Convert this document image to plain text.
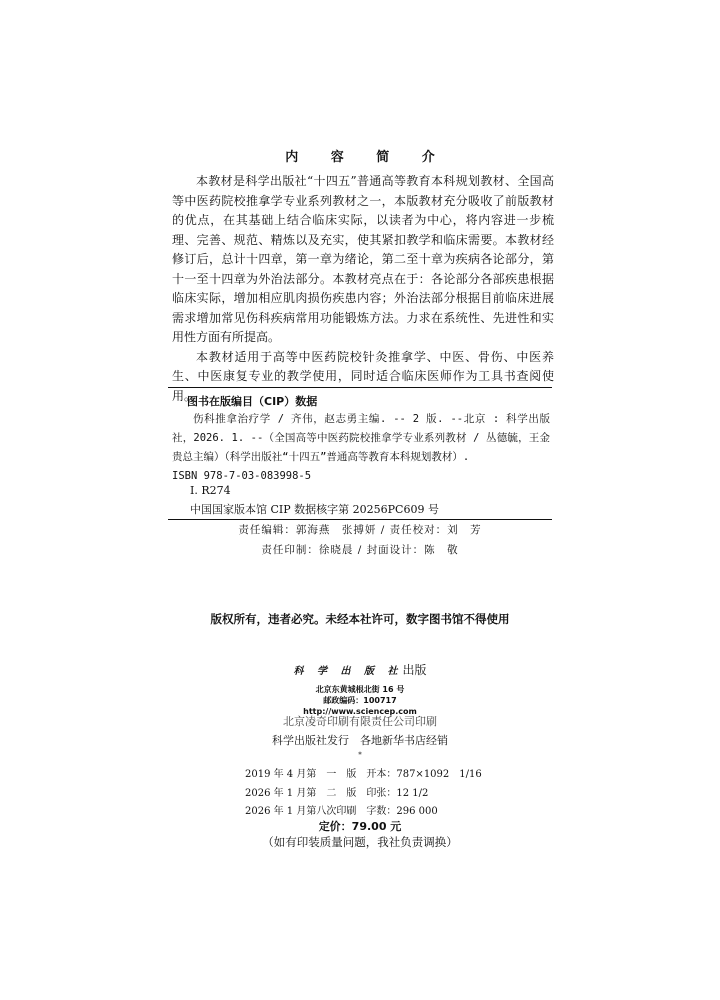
内 容 简 介

本教材是科学出版社“十四五”普通高等教育本科规划教材、全国高等中医药院校推拿学专业系列教材之一，本版教材充分吸收了前版教材的优点，在其基础上结合临床实际，以读者为中心，将内容进一步梳理、完善、规范、精炼以及充实，使其紧扣教学和临床需要。本教材经修订后，总计十四章，第一章为绪论，第二至十章为疾病各论部分，第十一至十四章为外治法部分。本教材亮点在于：各论部分各部疾患根据临床实际，增加相应肌肉损伤疾患内容；外治法部分根据目前临床进展需求增加常见伤科疾病常用功能锻炼方法。力求在系统性、先进性和实用性方面有所提高。

本教材适用于高等中医药院校针灸推拿学、中医、骨伤、中医养生、中医康复专业的教学使用，同时适合临床医师作为工具书查阅使用。

图书在版编目（CIP）数据
伤科推拿治疗学 / 齐伟，赵志勇主编. -- 2 版. --北京 : 科学出版社，2026. 1. --（全国高等中医药院校推拿学专业系列教材 / 丛德毓，王金贵总主编）（科学出版社“十四五”普通高等教育本科规划教材）.
ISBN 978-7-03-083998-5
Ⅰ. R274
中国国家版本馆 CIP 数据核字第 20256PC609 号
责任编辑：郭海燕　张搏妍 / 责任校对：刘　芳
责任印制：徐晓晨 / 封面设计：陈　敬
版权所有，违者必究。未经本社许可，数字图书馆不得使用
科 学 出 版 社出版
北京东黄城根北街 16 号
邮政编码：100717
http://www.sciencep.com
北京凌奇印刷有限责任公司印刷
科学出版社发行　各地新华书店经销
*
2019 年 4 月第　一　版　开本：787×1092　1/16
2026 年 1 月第　二　版　印张：12 1/2
2026 年 1 月第八次印刷　字数：296 000
定价：79.00 元
（如有印装质量问题，我社负责调换）
